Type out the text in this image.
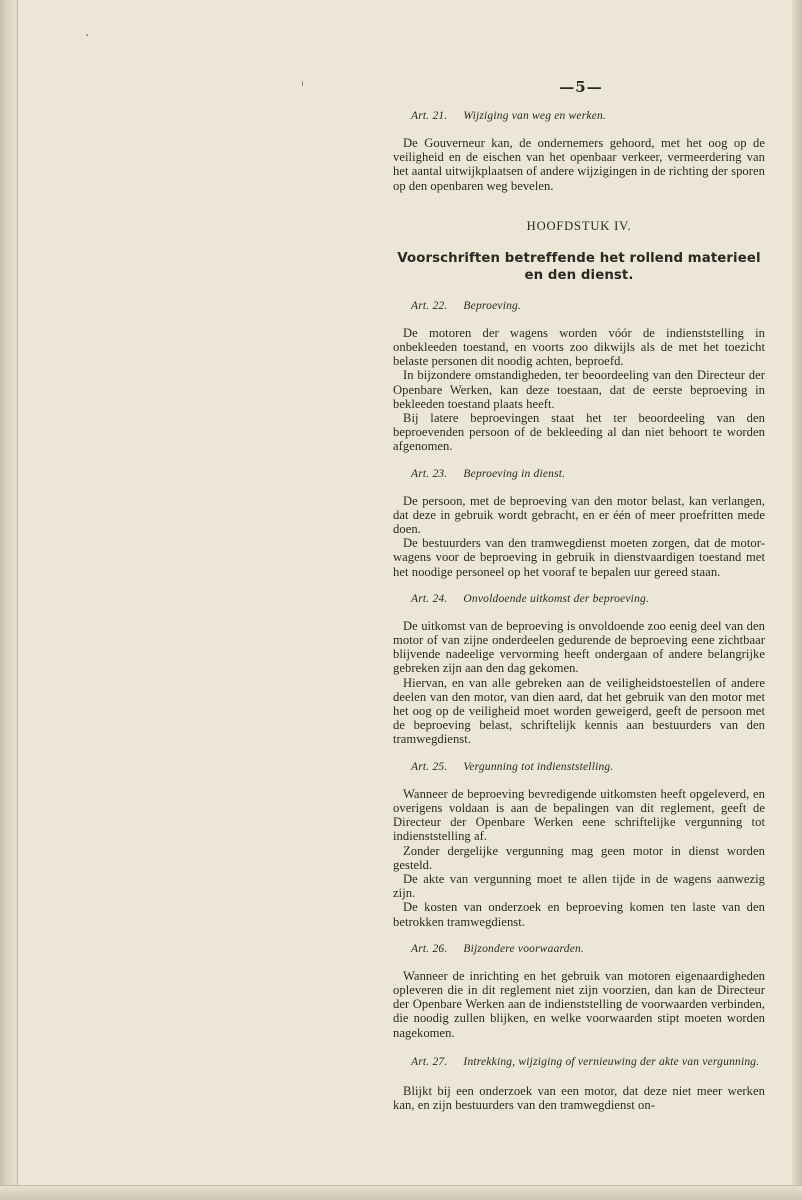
—5—
Art. 21. Wijziging van weg en werken.

De Gouverneur kan, de ondernemers gehoord, met het oog op de veiligheid en de eischen van het openbaar verkeer, vermeerdering van het aantal uitwijkplaatsen of andere wijzigingen in de richting der sporen op den openbaren weg bevelen.

HOOFDSTUK IV.
Voorschriften betreffende het rollend materieel
en den dienst.
Art. 22. Beproeving.

De motoren der wagens worden vóór de indienststelling in onbekleeden toestand, en voorts zoo dikwijls als de met het toezicht belaste personen dit noodig achten, beproefd.

In bijzondere omstandigheden, ter beoordeeling van den Directeur der Openbare Werken, kan deze toestaan, dat de eerste beproeving in bekleeden toestand plaats heeft.

Bij latere beproevingen staat het ter beoordeeling van den beproevenden persoon of de bekleeding al dan niet behoort te worden afgenomen.

Art. 23. Beproeving in dienst.

De persoon, met de beproeving van den motor belast, kan verlangen, dat deze in gebruik wordt gebracht, en er één of meer proefritten mede doen.

De bestuurders van den tramwegdienst moeten zorgen, dat de motor-wagens voor de beproeving in gebruik in dienstvaardigen toestand met het noodige personeel op het vooraf te bepalen uur gereed staan.

Art. 24. Onvoldoende uitkomst der beproeving.

De uitkomst van de beproeving is onvoldoende zoo eenig deel van den motor of van zijne onderdeelen gedurende de beproeving eene zichtbaar blijvende nadeelige vervorming heeft ondergaan of andere belangrijke gebreken zijn aan den dag gekomen.

Hiervan, en van alle gebreken aan de veiligheidstoestellen of andere deelen van den motor, van dien aard, dat het gebruik van den motor met het oog op de veiligheid moet worden geweigerd, geeft de persoon met de beproeving belast, schriftelijk kennis aan bestuurders van den tramwegdienst.

Art. 25. Vergunning tot indienststelling.

Wanneer de beproeving bevredigende uitkomsten heeft opgeleverd, en overigens voldaan is aan de bepalingen van dit reglement, geeft de Directeur der Openbare Werken eene schriftelijke vergunning tot indienststelling af.

Zonder dergelijke vergunning mag geen motor in dienst worden gesteld.

De akte van vergunning moet te allen tijde in de wagens aanwezig zijn.

De kosten van onderzoek en beproeving komen ten laste van den betrokken tramwegdienst.

Art. 26. Bijzondere voorwaarden.

Wanneer de inrichting en het gebruik van motoren eigenaardigheden opleveren die in dit reglement niet zijn voorzien, dan kan de Directeur der Openbare Werken aan de indienststelling de voorwaarden verbinden, die noodig zullen blijken, en welke voorwaarden stipt moeten worden nagekomen.

Art. 27. Intrekking, wijziging of vernieuwing der akte van vergunning.

Blijkt bij een onderzoek van een motor, dat deze niet meer werken kan, en zijn bestuurders van den tramwegdienst on-
